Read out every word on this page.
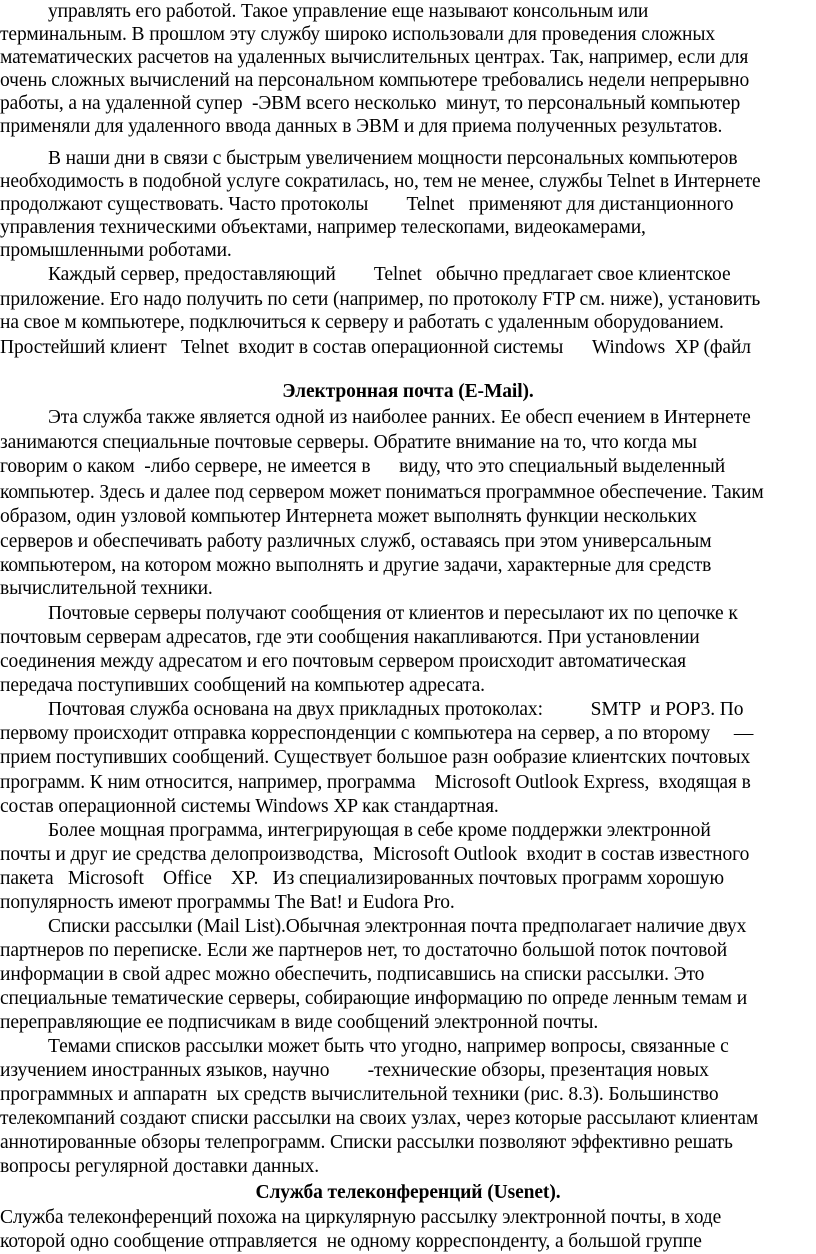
управлять его работой. Такое управление еще называют консольным или
терминальным. В прошлом эту службу широко использовали для проведения сложных
математических расчетов на удаленных вычислительных центрах. Так, например, если для
очень сложных вычислений на персональном компьютере требовались недели непрерывно
работы, а на удаленной супер  -ЭВМ всего несколько  минут, то персональный компьютер
применяли для удаленного ввода данных в ЭВМ и для приема полученных результатов.
В наши дни в связи с быстрым увеличением мощности персональных компьютеров
необходимость в подобной услуге сократилась, но, тем не менее, службы Telnet в Интернете
продолжают существовать. Часто протоколы        Telnet   применяют для дистанционного
управления техническими объектами, например телескопами, видеокамерами,
промышленными роботами.
Каждый сервер, предоставляющий        Telnet   обычно предлагает свое клиентское
приложение. Его надо получить по сети (например, по протоколу FTP см. ниже), установить
на свое м компьютере, подключиться к серверу и работать с удаленным оборудованием.
Простейший клиент   Telnet  входит в состав операционной системы      Windows  XP (файл
Электронная почта (E-Mail).
Эта служба также является одной из наиболее ранних. Ее обесп ечением в Интернете
занимаются специальные почтовые серверы. Обратите внимание на то, что когда мы
говорим о каком  -либо сервере, не имеется в      виду, что это специальный выделенный
компьютер. Здесь и далее под сервером может пониматься программное обеспечение. Таким
образом, один узловой компьютер Интернета может выполнять функции нескольких
серверов и обеспечивать работу различных служб, оставаясь при этом универсальным
компьютером, на котором можно выполнять и другие задачи, характерные для средств
вычислительной техники.
Почтовые серверы получают сообщения от клиентов и пересылают их по цепочке к
почтовым серверам адресатов, где эти сообщения накапливаются. При установлении
соединения между адресатом и его почтовым сервером происходит автоматическая
передача поступивших сообщений на компьютер адресата.
Почтовая служба основана на двух прикладных протоколах:          SMTP  и POP3. По
первому происходит отправка корреспонденции с компьютера на сервер, а по второму     —
прием поступивших сообщений. Существует большое разн ообразие клиентских почтовых
программ. К ним относится, например, программа    Microsoft Outlook Express,  входящая в
состав операционной системы Windows XP как стандартная.
Более мощная программа, интегрирующая в себе кроме поддержки электронной
почты и друг ие средства делопроизводства,  Microsoft Outlook  входит в состав известного
пакета   Microsoft    Office    XP.   Из специализированных почтовых программ хорошую
популярность имеют программы The Bat! и Eudora Pro.
Списки рассылки (Mail List).Обычная электронная почта предполагает наличие двух
партнеров по переписке. Если же партнеров нет, то достаточно большой поток почтовой
информации в свой адрес можно обеспечить, подписавшись на списки рассылки. Это
специальные тематические серверы, собирающие информацию по опреде ленным темам и
переправляющие ее подписчикам в виде сообщений электронной почты.
Темами списков рассылки может быть что угодно, например вопросы, связанные с
изучением иностранных языков, научно        -технические обзоры, презентация новых
программных и аппаратн  ых средств вычислительной техники (рис. 8.3). Большинство
телекомпаний создают списки рассылки на своих узлах, через которые рассылают клиентам
аннотированные обзоры телепрограмм. Списки рассылки позволяют эффективно решать
вопросы регулярной доставки данных.
Служба телеконференций (Usenet).
Служба телеконференций похожа на циркулярную рассылку электронной почты, в ходе
которой одно сообщение отправляется  не одному корреспонденту, а большой группе
